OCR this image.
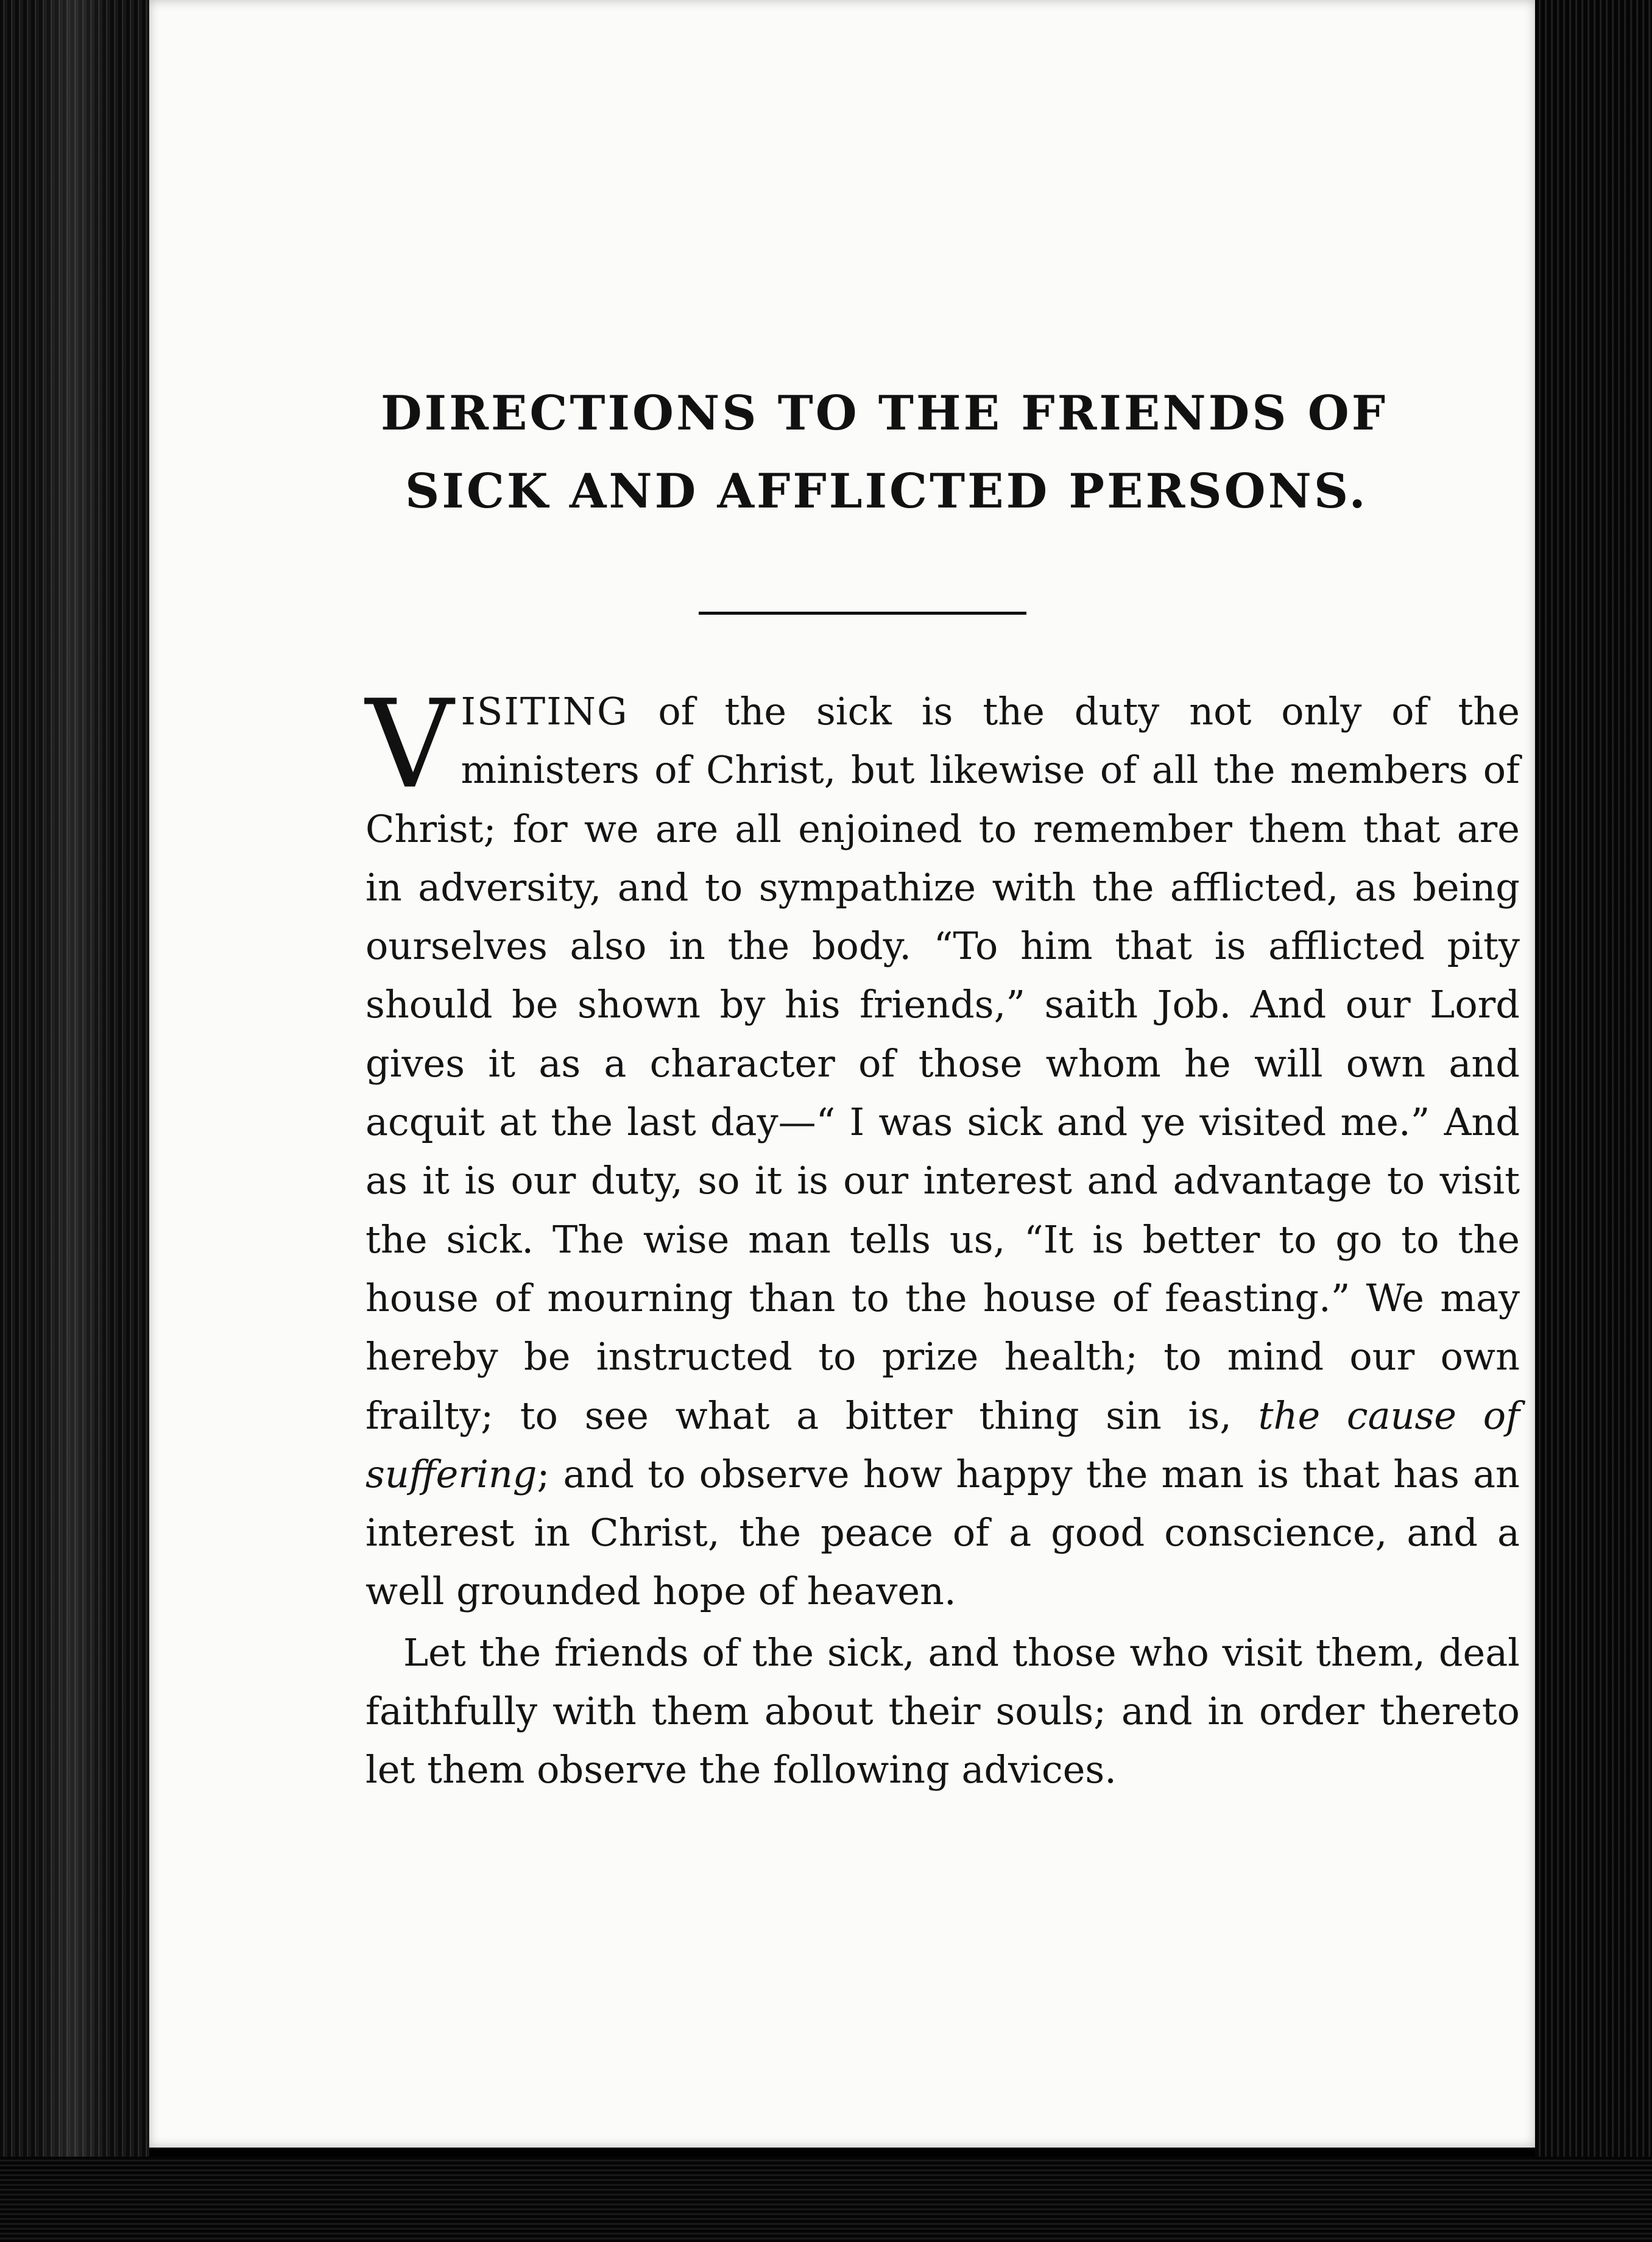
DIRECTIONS TO THE FRIENDS OF
SICK AND AFFLICTED PERSONS.

VISITING of the sick is the duty not only of the ministers of Christ, but likewise of all the members of Christ; for we are all enjoined to remember them that are in adversity, and to sympathize with the afflicted, as being ourselves also in the body. “To him that is afflicted pity should be shown by his friends,” saith Job. And our Lord gives it as a character of those whom he will own and acquit at the last day—“ I was sick and ye visited me.” And as it is our duty, so it is our interest and advantage to visit the sick. The wise man tells us, “It is better to go to the house of mourning than to the house of feasting.” We may hereby be instructed to prize health; to mind our own frailty; to see what a bitter thing sin is, the cause of suffering; and to observe how happy the man is that has an interest in Christ, the peace of a good conscience, and a well grounded hope of heaven.

Let the friends of the sick, and those who visit them, deal faithfully with them about their souls; and in order thereto let them observe the following advices.
